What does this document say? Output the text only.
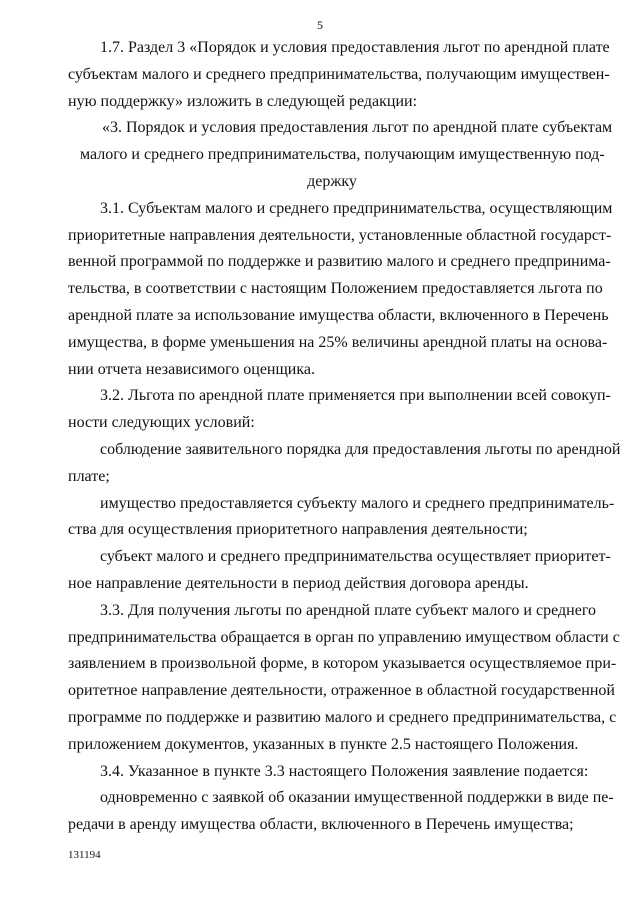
5
1.7. Раздел 3 «Порядок и условия предоставления льгот по арендной плате
субъектам малого и среднего предпринимательства, получающим имуществен-
ную поддержку» изложить в следующей редакции:
«3. Порядок и условия предоставления льгот по арендной плате субъектам
малого и среднего предпринимательства, получающим имущественную под-
держку
3.1. Субъектам малого и среднего предпринимательства, осуществляющим
приоритетные направления деятельности, установленные областной государст-
венной программой по поддержке и развитию малого и среднего предпринима-
тельства, в соответствии с настоящим Положением предоставляется льгота по
арендной плате за использование имущества области, включенного в Перечень
имущества, в форме уменьшения на 25% величины арендной платы на основа-
нии отчета независимого оценщика.
3.2. Льгота по арендной плате применяется при выполнении всей совокуп-
ности следующих условий:
соблюдение заявительного порядка для предоставления льготы по арендной
плате;
имущество предоставляется субъекту малого и среднего предприниматель-
ства для осуществления приоритетного направления деятельности;
субъект малого и среднего предпринимательства осуществляет приоритет-
ное направление деятельности в период действия договора аренды.
3.3. Для получения льготы по арендной плате субъект малого и среднего
предпринимательства обращается в орган по управлению имуществом области с
заявлением в произвольной форме, в котором указывается осуществляемое при-
оритетное направление деятельности, отраженное в областной государственной
программе по поддержке и развитию малого и среднего предпринимательства, с
приложением документов, указанных в пункте 2.5 настоящего Положения.
3.4. Указанное в пункте 3.3 настоящего Положения заявление подается:
одновременно с заявкой об оказании имущественной поддержки в виде пе-
редачи в аренду имущества области, включенного в Перечень имущества;
131194
